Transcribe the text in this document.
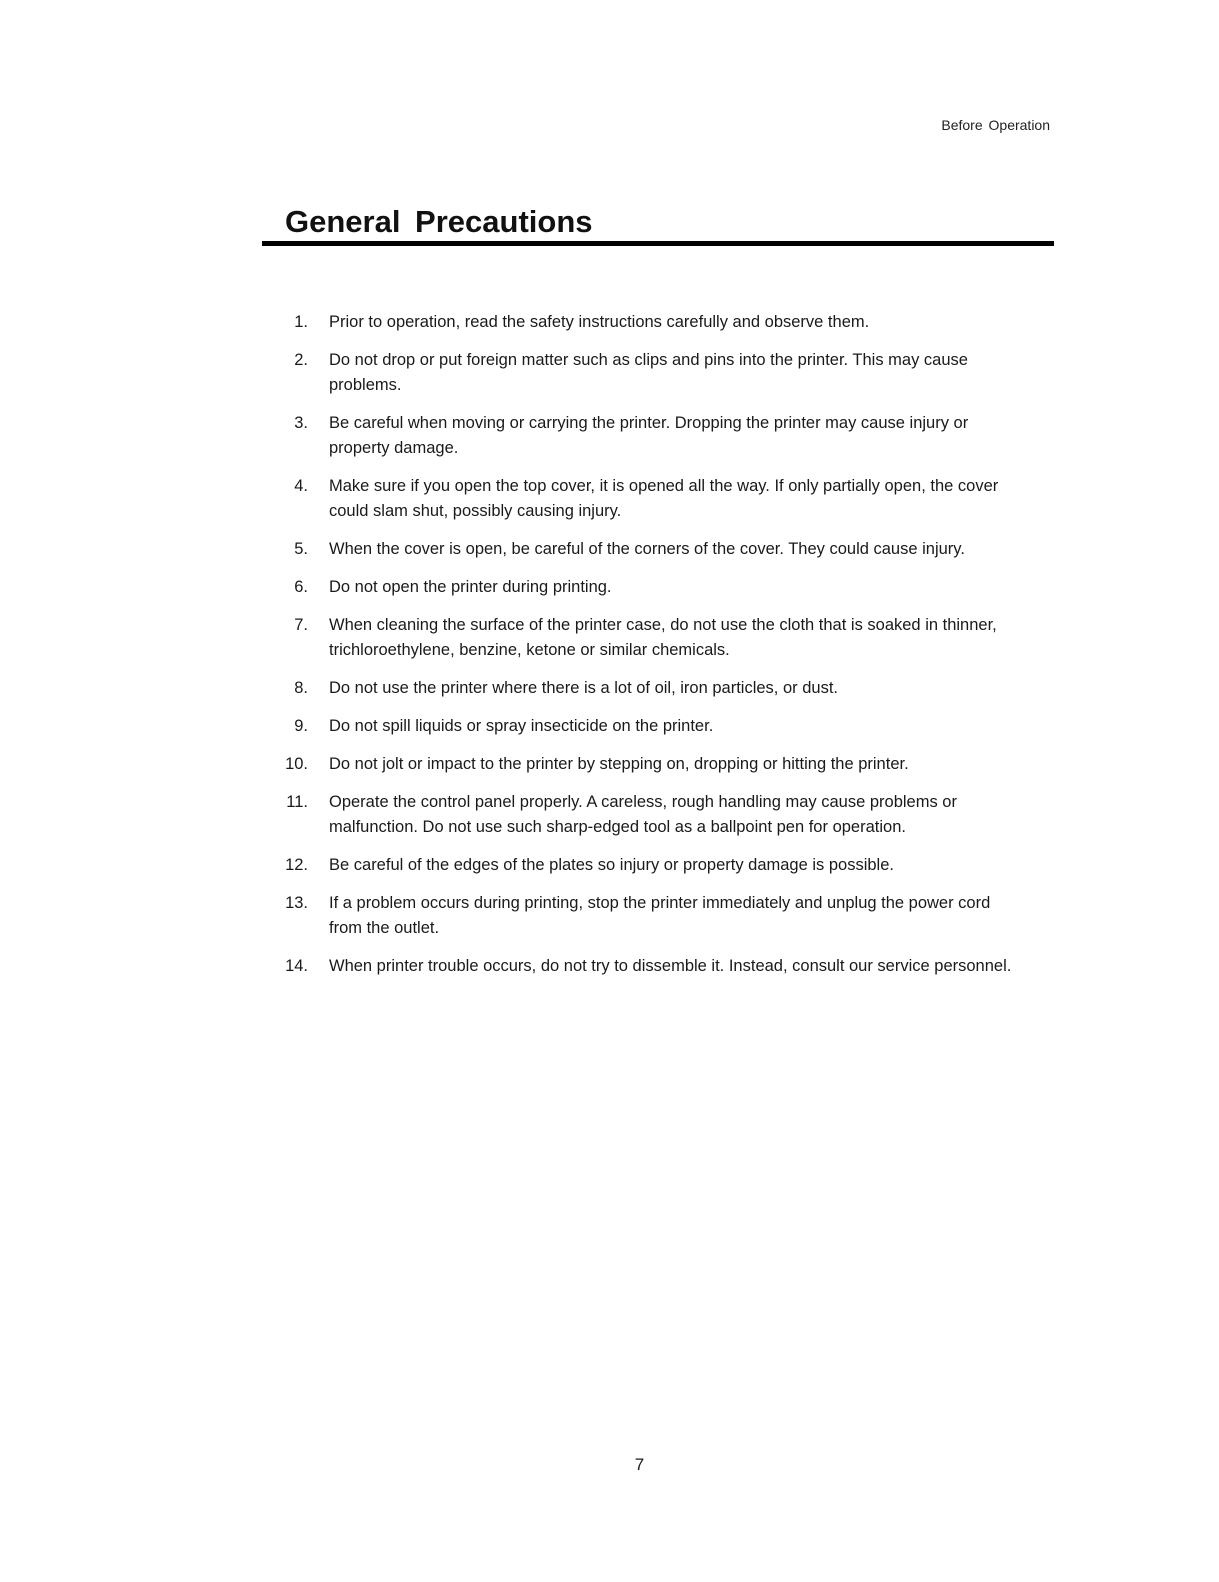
Before Operation
General Precautions
1. Prior to operation, read the safety instructions carefully and observe them.
2. Do not drop or put foreign matter such as clips and pins into the printer. This may cause problems.
3. Be careful when moving or carrying the printer. Dropping the printer may cause injury or property damage.
4. Make sure if you open the top cover, it is opened all the way. If only partially open, the cover could slam shut, possibly causing injury.
5. When the cover is open, be careful of the corners of the cover. They could cause injury.
6. Do not open the printer during printing.
7. When cleaning the surface of the printer case, do not use the cloth that is soaked in thinner, trichloroethylene, benzine, ketone or similar chemicals.
8. Do not use the printer where there is a lot of oil, iron particles, or dust.
9. Do not spill liquids or spray insecticide on the printer.
10. Do not jolt or impact to the printer by stepping on, dropping or hitting the printer.
11. Operate the control panel properly. A careless, rough handling may cause problems or malfunction. Do not use such sharp-edged tool as a ballpoint pen for operation.
12. Be careful of the edges of the plates so injury or property damage is possible.
13. If a problem occurs during printing, stop the printer immediately and unplug the power cord from the outlet.
14. When printer trouble occurs, do not try to dissemble it. Instead, consult our service personnel.
7
